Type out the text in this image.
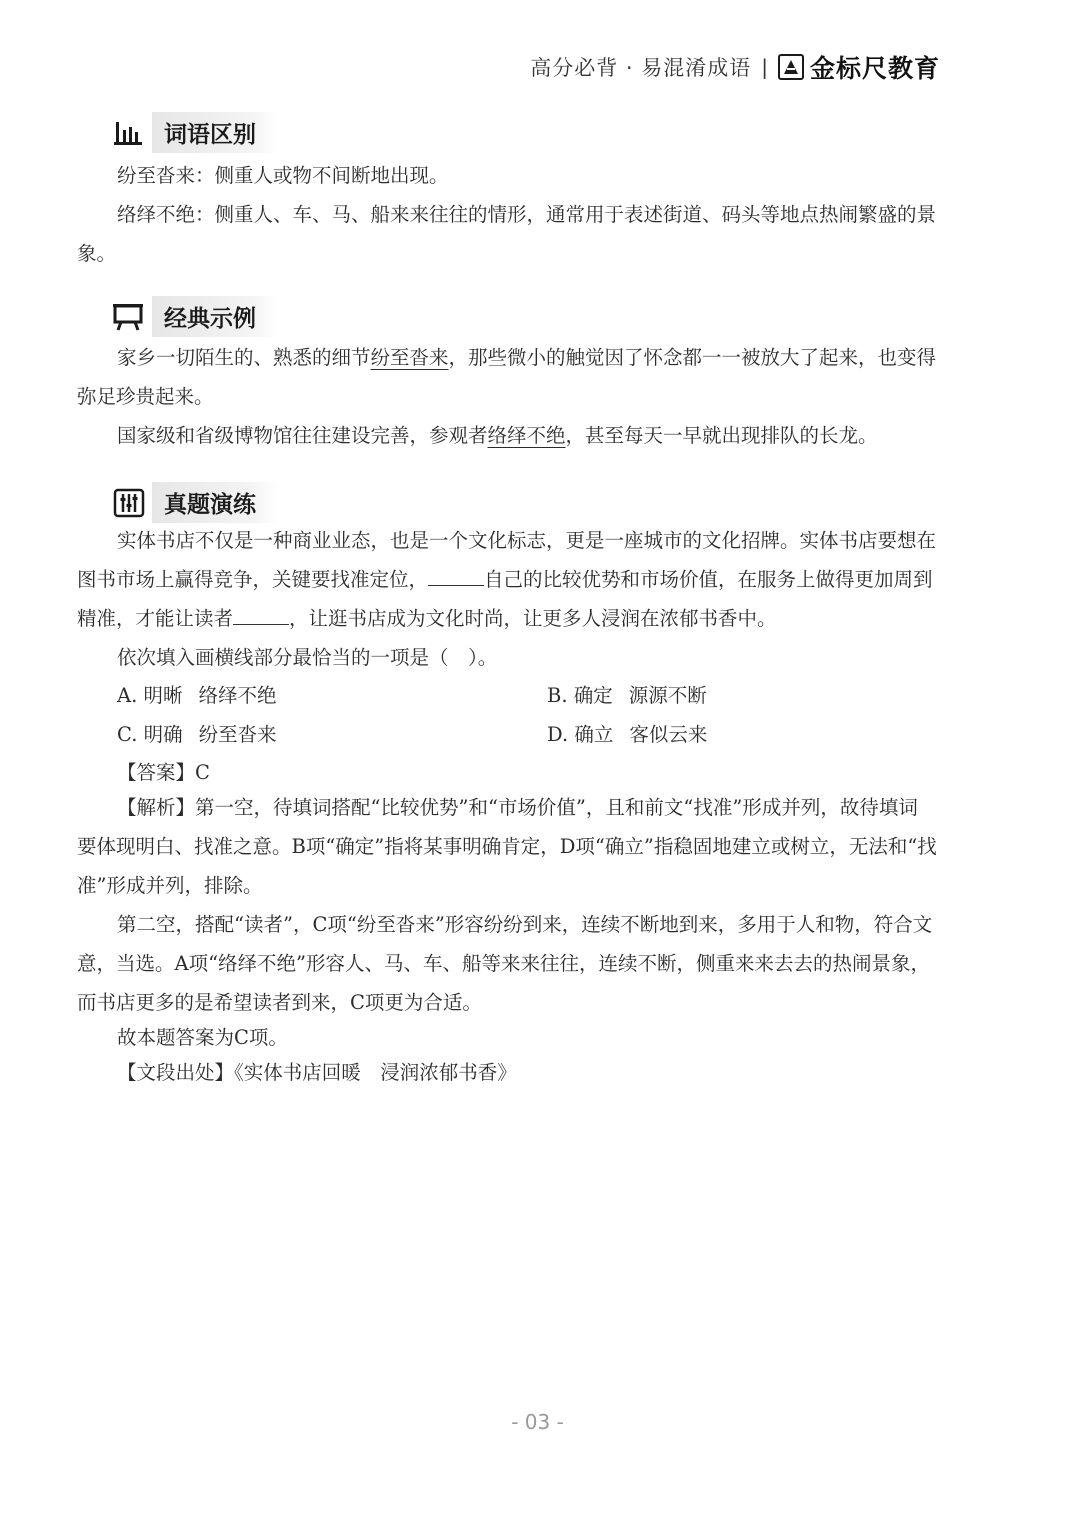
高分必背 · 易混淆成语 | 金标尺教育
词语区别
纷至沓来：侧重人或物不间断地出现。
络绎不绝：侧重人、车、马、船来来往往的情形，通常用于表述街道、码头等地点热闹繁盛的景象。
经典示例
家乡一切陌生的、熟悉的细节纷至沓来，那些微小的触觉因了怀念都一一被放大了起来，也变得弥足珍贵起来。
国家级和省级博物馆往往建设完善，参观者络绎不绝，甚至每天一早就出现排队的长龙。
真题演练
实体书店不仅是一种商业业态，也是一个文化标志，更是一座城市的文化招牌。实体书店要想在图书市场上赢得竞争，关键要找准定位，	自己的比较优势和市场价值，在服务上做得更加周到精准，才能让读者	，让逛书店成为文化时尚，让更多人浸润在浓郁书香中。
依次填入画横线部分最恰当的一项是（　）。
A. 明晰 络绎不绝	B. 确定 源源不断
C. 明确 纷至沓来	D. 确立 客似云来
【答案】C
【解析】第一空，待填词搭配“比较优势”和“市场价值”，且和前文“找准”形成并列，故待填词要体现明白、找准之意。B项“确定”指将某事明确肯定，D项“确立”指稳固地建立或树立，无法和“找准”形成并列，排除。
第二空，搭配“读者”，C项“纷至沓来”形容纷纷到来，连续不断地到来，多用于人和物，符合文意，当选。A项“络绎不绝”形容人、马、车、船等来来往往，连续不断，侧重来来去去的热闹景象，而书店更多的是希望读者到来，C项更为合适。
故本题答案为C项。
【文段出处】《实体书店回暖　浸润浓郁书香》
- 03 -
